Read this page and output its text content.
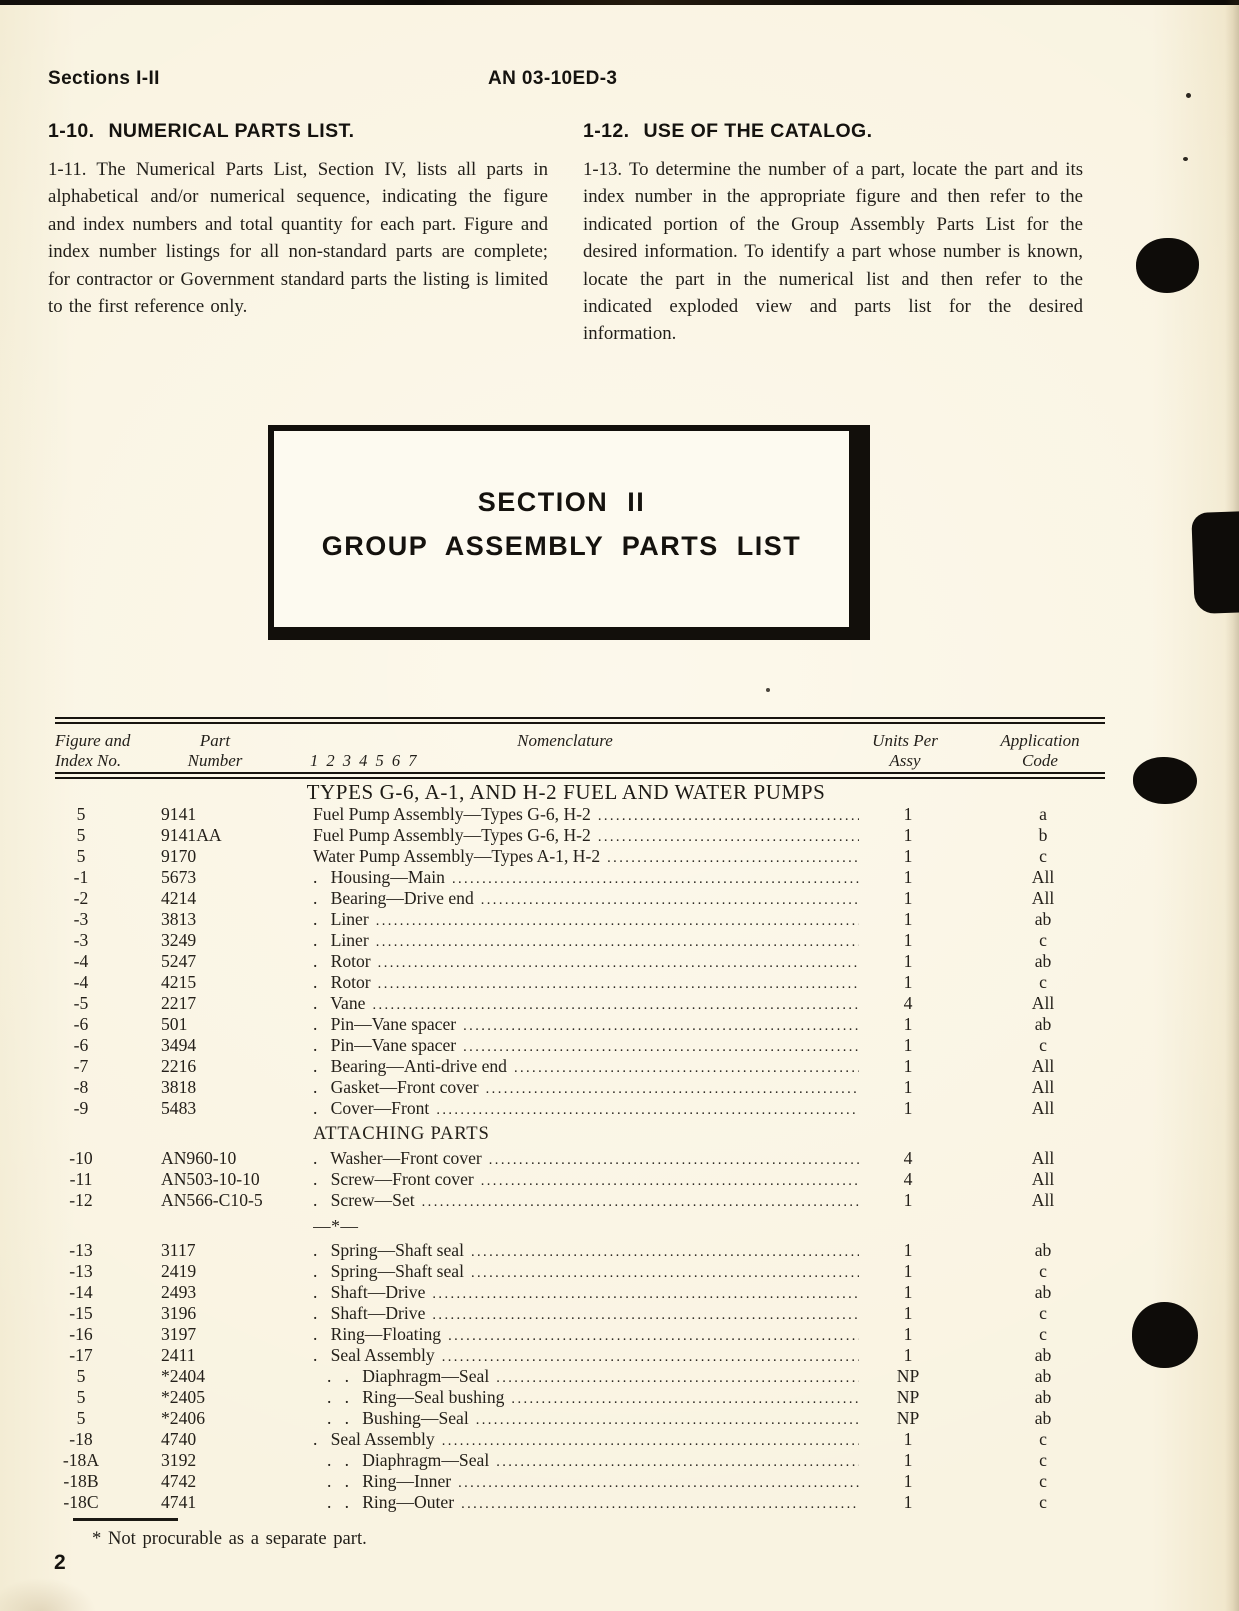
Sections I-II	AN 03-10ED-3
1-10. NUMERICAL PARTS LIST.
1-11. The Numerical Parts List, Section IV, lists all parts in alphabetical and/or numerical sequence, indicating the figure and index numbers and total quantity for each part. Figure and index number listings for all non-standard parts are complete; for contractor or Government standard parts the listing is limited to the first reference only.
1-12. USE OF THE CATALOG.
1-13. To determine the number of a part, locate the part and its index number in the appropriate figure and then refer to the indicated portion of the Group Assembly Parts List for the desired information. To identify a part whose number is known, locate the part in the numerical list and then refer to the indicated exploded view and parts list for the desired information.
SECTION II
GROUP ASSEMBLY PARTS LIST
Figure and
Index No.
Part
Number
Nomenclature
1 2 3 4 5 6 7
Units Per
Assy
Application
Code
TYPES G-6, A-1, AND H-2 FUEL AND WATER PUMPS
5	9141	Fuel Pump Assembly—Types G-6, H-2 .....	1	a
5	9141AA	Fuel Pump Assembly—Types G-6, H-2 .....	1	b
5	9170	Water Pump Assembly—Types A-1, H-2 .....	1	c
-1	5673	.  Housing—Main .....	1	All
-2	4214	.  Bearing—Drive end .....	1	All
-3	3813	.  Liner .....	1	ab
-3	3249	.  Liner .....	1	c
-4	5247	.  Rotor .....	1	ab
-4	4215	.  Rotor .....	1	c
-5	2217	.  Vane .....	4	All
-6	501	.  Pin—Vane spacer .....	1	ab
-6	3494	.  Pin—Vane spacer .....	1	c
-7	2216	.  Bearing—Anti-drive end .....	1	All
-8	3818	.  Gasket—Front cover .....	1	All
-9	5483	.  Cover—Front .....	1	All
ATTACHING PARTS
-10	AN960-10	.  Washer—Front cover .....	4	All
-11	AN503-10-10	.  Screw—Front cover .....	4	All
-12	AN566-C10-5	.  Screw—Set .....	1	All
—*—
-13	3117	.  Spring—Shaft seal .....	1	ab
-13	2419	.  Spring—Shaft seal .....	1	c
-14	2493	.  Shaft—Drive .....	1	ab
-15	3196	.  Shaft—Drive .....	1	c
-16	3197	.  Ring—Floating .....	1	c
-17	2411	.  Seal Assembly .....	1	ab
5	*2404	.  .  Diaphragm—Seal .....	NP	ab
5	*2405	.  .  Ring—Seal bushing .....	NP	ab
5	*2406	.  .  Bushing—Seal .....	NP	ab
-18	4740	.  Seal Assembly .....	1	c
-18A	3192	.  .  Diaphragm—Seal .....	1	c
-18B	4742	.  .  Ring—Inner .....	1	c
-18C	4741	.  .  Ring—Outer .....	1	c
* Not procurable as a separate part.
2
